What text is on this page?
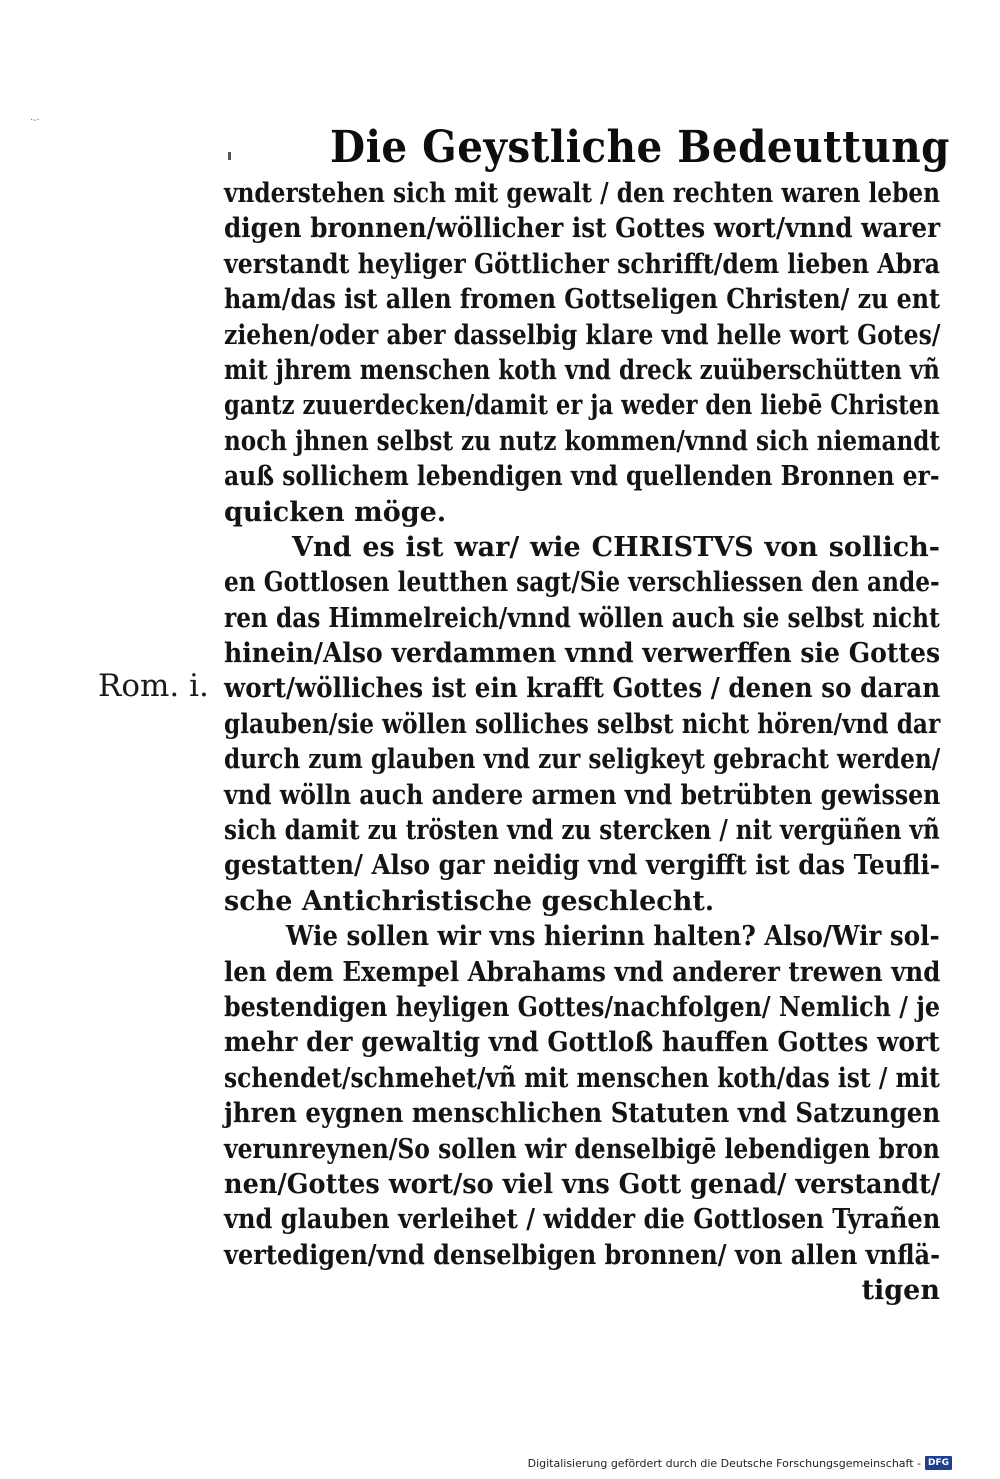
·‐·
Die Geystliche Bedeuttung
Rom. i.
vnderstehen sich mit gewalt / den rechten waren leben
digen bronnen/wöllicher ist Gottes wort/vnnd warer
verstandt heyliger Göttlicher schrifft/dem lieben Abra
ham/das ist allen fromen Gottseligen Christen/ zu ent
ziehen/oder aber dasselbig klare vnd helle wort Gotes/
mit jhrem menschen koth vnd dreck zuüberschütten vñ
gantz zuuerdecken/damit er ja weder den liebē Christen
noch jhnen selbst zu nutz kommen/vnnd sich niemandt
auß sollichem lebendigen vnd quellenden Bronnen er-
quicken möge.
Vnd es ist war/ wie CHRISTVS von sollich-
en Gottlosen leutthen sagt/Sie verschliessen den ande-
ren das Himmelreich/vnnd wöllen auch sie selbst nicht
hinein/Also verdammen vnnd verwerffen sie Gottes
wort/wölliches ist ein krafft Gottes / denen so daran
glauben/sie wöllen solliches selbst nicht hören/vnd dar
durch zum glauben vnd zur seligkeyt gebracht werden/
vnd wölln auch andere armen vnd betrübten gewissen
sich damit zu trösten vnd zu stercken / nit vergüñen vñ
gestatten/ Also gar neidig vnd vergifft ist das Teufli-
sche Antichristische geschlecht.
Wie sollen wir vns hierinn halten? Also/Wir sol-
len dem Exempel Abrahams vnd anderer trewen vnd
bestendigen heyligen Gottes/nachfolgen/ Nemlich / je
mehr der gewaltig vnd Gottloß hauffen Gottes wort
schendet/schmehet/vñ mit menschen koth/das ist / mit
jhren eygnen menschlichen Statuten vnd Satzungen
verunreynen/So sollen wir denselbigē lebendigen bron
nen/Gottes wort/so viel vns Gott genad/ verstandt/
vnd glauben verleihet / widder die Gottlosen Tyrañen
vertedigen/vnd denselbigen bronnen/ von allen vnflä-
tigen
Digitalisierung gefördert durch die Deutsche Forschungsgemeinschaft - DFG
